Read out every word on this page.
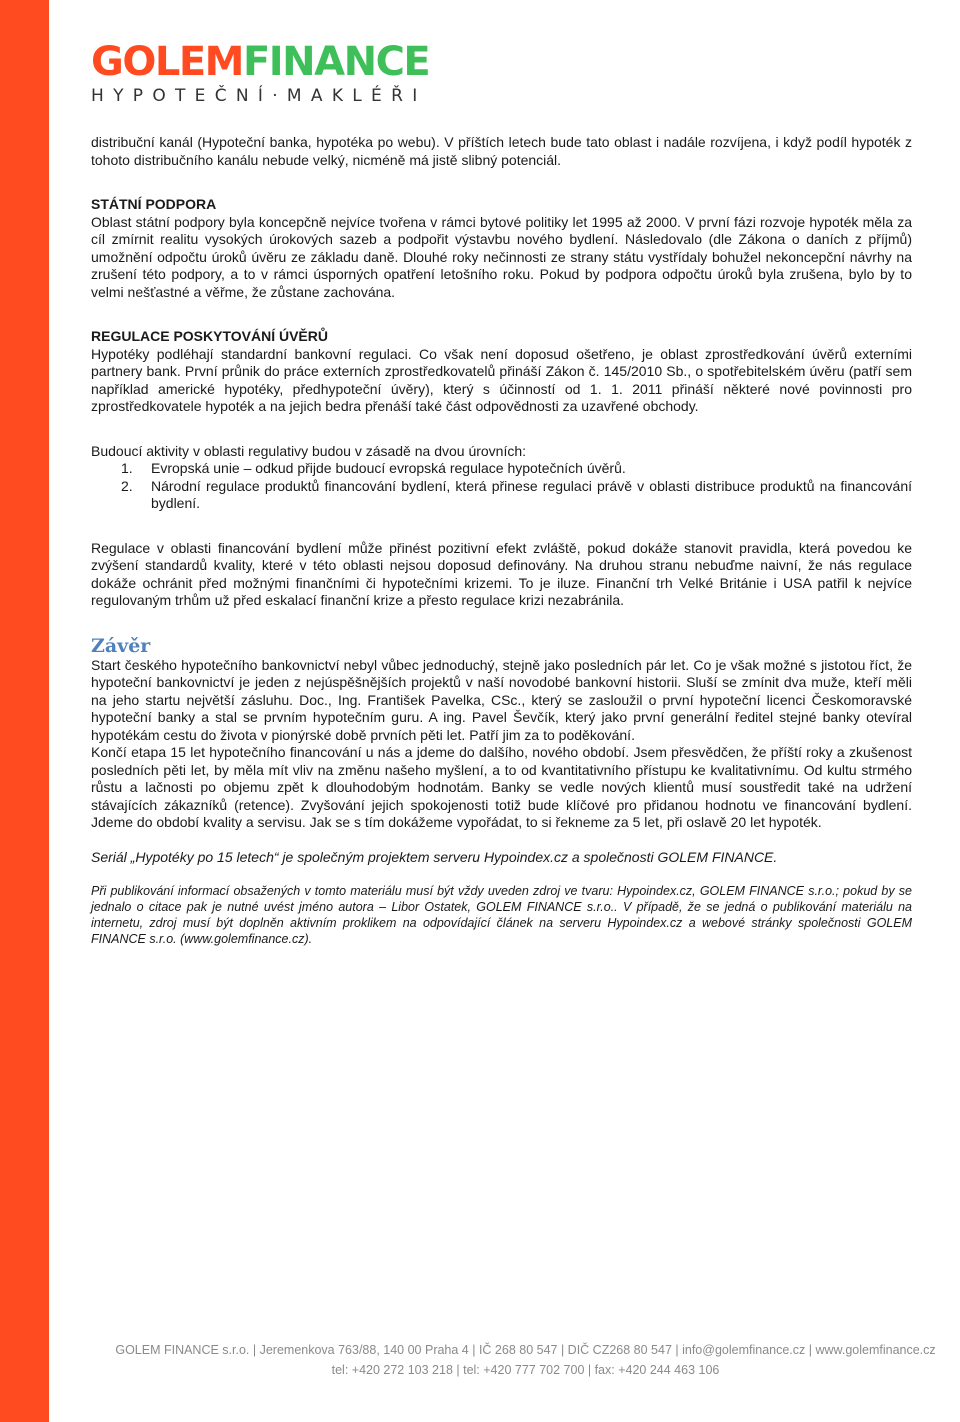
GOLEMFINANCE
HYPOTEČNÍ·MAKLÉŘI

distribuční kanál (Hypoteční banka, hypotéka po webu). V příštích letech bude tato oblast i nadále rozvíjena, i když podíl hypoték z tohoto distribučního kanálu nebude velký, nicméně má jistě slibný potenciál.

STÁTNÍ PODPORA

Oblast státní podpory byla koncepčně nejvíce tvořena v rámci bytové politiky let 1995 až 2000. V první fázi rozvoje hypoték měla za cíl zmírnit realitu vysokých úrokových sazeb a podpořit výstavbu nového bydlení. Následovalo (dle Zákona o daních z příjmů) umožnění odpočtu úroků úvěru ze základu daně. Dlouhé roky nečinnosti ze strany státu vystřídaly bohužel nekoncepční návrhy na zrušení této podpory, a to v rámci úsporných opatření letošního roku. Pokud by podpora odpočtu úroků byla zrušena, bylo by to velmi nešťastné a věřme, že zůstane zachována.

REGULACE POSKYTOVÁNÍ ÚVĚRŮ

Hypotéky podléhají standardní bankovní regulaci. Co však není doposud ošetřeno, je oblast zprostředkování úvěrů externími partnery bank. První průnik do práce externích zprostředkovatelů přináší Zákon č. 145/2010 Sb., o spotřebitelském úvěru (patří sem například americké hypotéky, předhypoteční úvěry), který s účinností od 1. 1. 2011 přináší některé nové povinnosti pro zprostředkovatele hypoték a na jejich bedra přenáší také část odpovědnosti za uzavřené obchody.

Budoucí aktivity v oblasti regulativy budou v zásadě na dvou úrovních:

1. Evropská unie – odkud přijde budoucí evropská regulace hypotečních úvěrů.
2. Národní regulace produktů financování bydlení, která přinese regulaci právě v oblasti distribuce produktů na financování bydlení.

Regulace v oblasti financování bydlení může přinést pozitivní efekt zvláště, pokud dokáže stanovit pravidla, která povedou ke zvýšení standardů kvality, které v této oblasti nejsou doposud definovány. Na druhou stranu nebuďme naivní, že nás regulace dokáže ochránit před možnými finančními či hypotečními krizemi. To je iluze. Finanční trh Velké Británie i USA patřil k nejvíce regulovaným trhům už před eskalací finanční krize a přesto regulace krizi nezabránila.

Závěr

Start českého hypotečního bankovnictví nebyl vůbec jednoduchý, stejně jako posledních pár let. Co je však možné s jistotou říct, že hypoteční bankovnictví je jeden z nejúspěšnějších projektů v naší novodobé bankovní historii. Sluší se zmínit dva muže, kteří měli na jeho startu největší zásluhu. Doc., Ing. František Pavelka, CSc., který se zasloužil o první hypoteční licenci Českomoravské hypoteční banky a stal se prvním hypotečním guru. A ing. Pavel Ševčík, který jako první generální ředitel stejné banky otevíral hypotékám cestu do života v pionýrské době prvních pěti let. Patří jim za to poděkování.

Končí etapa 15 let hypotečního financování u nás a jdeme do dalšího, nového období. Jsem přesvědčen, že příští roky a zkušenost posledních pěti let, by měla mít vliv na změnu našeho myšlení, a to od kvantitativního přístupu ke kvalitativnímu. Od kultu strmého růstu a lačnosti po objemu zpět k dlouhodobým hodnotám. Banky se vedle nových klientů musí soustředit také na udržení stávajících zákazníků (retence). Zvyšování jejich spokojenosti totiž bude klíčové pro přidanou hodnotu ve financování bydlení. Jdeme do období kvality a servisu. Jak se s tím dokážeme vypořádat, to si řekneme za 5 let, při oslavě 20 let hypoték.

Seriál „Hypotéky po 15 letech“ je společným projektem serveru Hypoindex.cz a společnosti GOLEM FINANCE.

Při publikování informací obsažených v tomto materiálu musí být vždy uveden zdroj ve tvaru: Hypoindex.cz, GOLEM FINANCE s.r.o.; pokud by se jednalo o citace pak je nutné uvést jméno autora – Libor Ostatek, GOLEM FINANCE s.r.o.. V případě, že se jedná o publikování materiálu na internetu, zdroj musí být doplněn aktivním proklikem na odpovídající článek na serveru Hypoindex.cz a webové stránky společnosti GOLEM FINANCE s.r.o. (www.golemfinance.cz).

GOLEM FINANCE s.r.o. | Jeremenkova 763/88, 140 00 Praha 4 | IČ 268 80 547 | DIČ CZ268 80 547 | info@golemfinance.cz | www.golemfinance.cz
tel: +420 272 103 218 | tel: +420 777 702 700 | fax: +420 244 463 106
